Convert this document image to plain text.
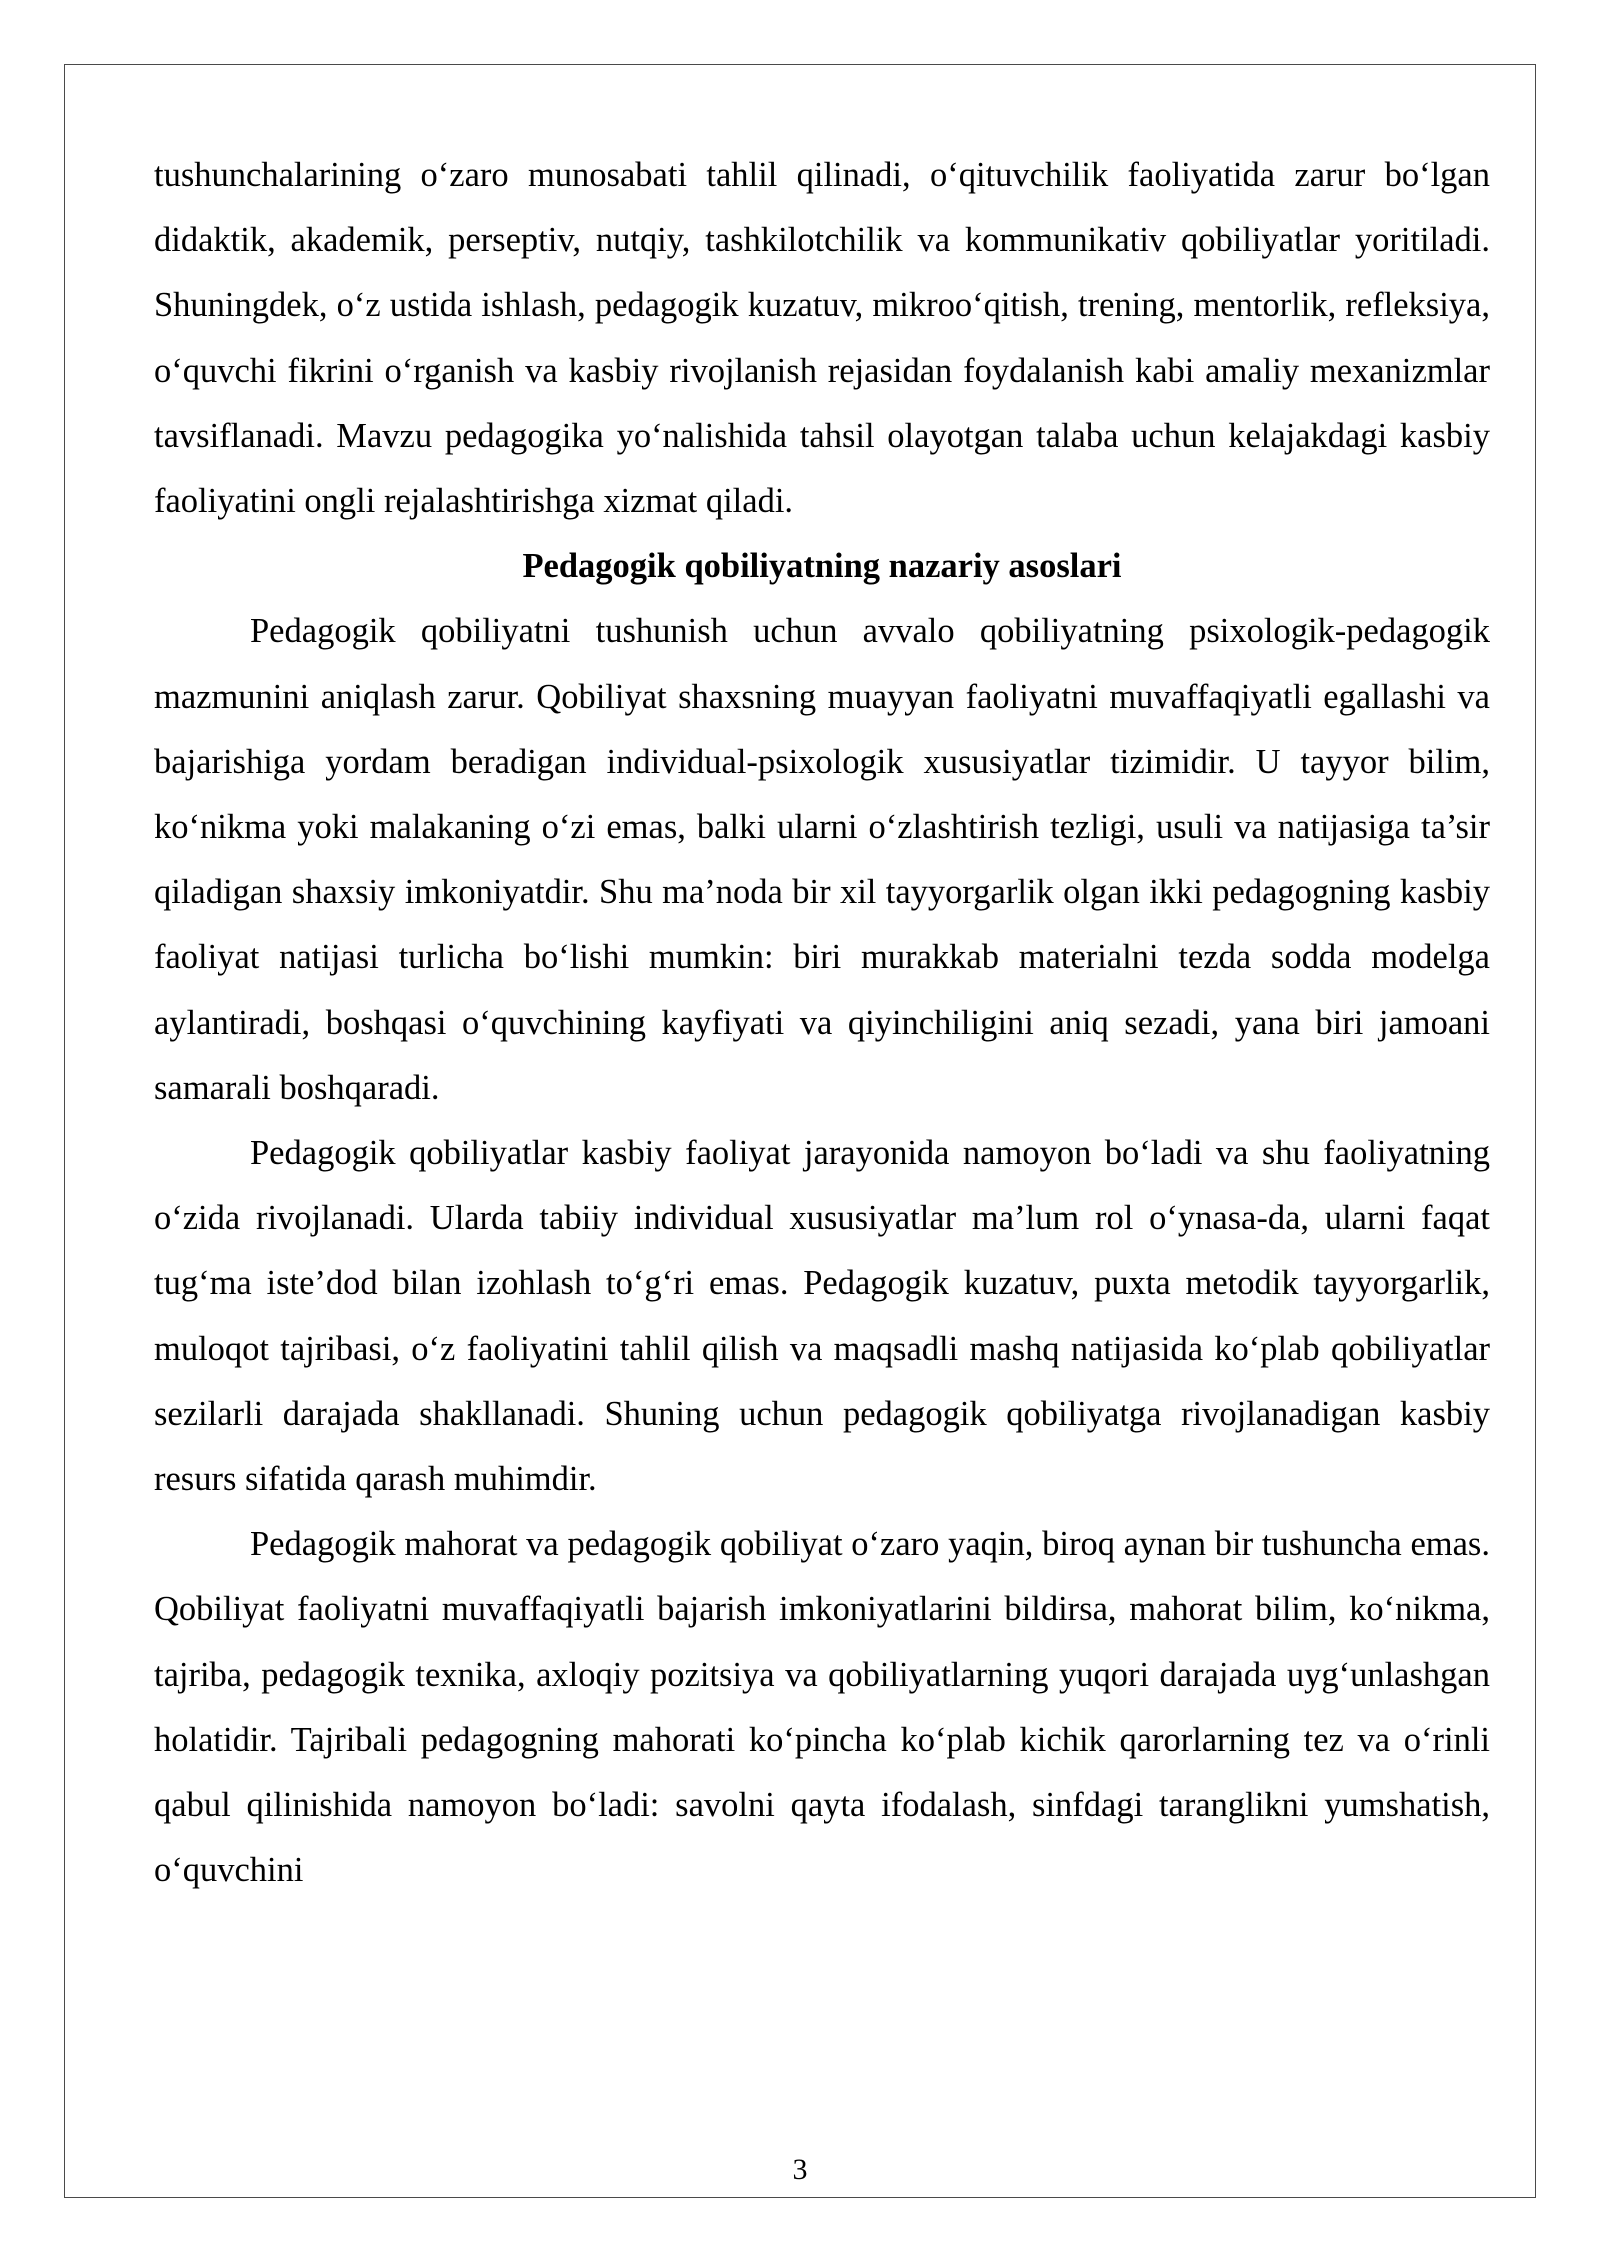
tushunchalarining o‘zaro munosabati tahlil qilinadi, o‘qituvchilik faoliyatida zarur bo‘lgan didaktik, akademik, perseptiv, nutqiy, tashkilotchilik va kommunikativ qobiliyatlar yoritiladi. Shuningdek, o‘z ustida ishlash, pedagogik kuzatuv, mikroo‘qitish, trening, mentorlik, refleksiya, o‘quvchi fikrini o‘rganish va kasbiy rivojlanish rejasidan foydalanish kabi amaliy mexanizmlar tavsiflanadi. Mavzu pedagogika yo‘nalishida tahsil olayotgan talaba uchun kelajakdagi kasbiy faoliyatini ongli rejalashtirishga xizmat qiladi.

Pedagogik qobiliyatning nazariy asoslari

Pedagogik qobiliyatni tushunish uchun avvalo qobiliyatning psixologik-pedagogik mazmunini aniqlash zarur. Qobiliyat shaxsning muayyan faoliyatni muvaffaqiyatli egallashi va bajarishiga yordam beradigan individual-psixologik xususiyatlar tizimidir. U tayyor bilim, ko‘nikma yoki malakaning o‘zi emas, balki ularni o‘zlashtirish tezligi, usuli va natijasiga ta’sir qiladigan shaxsiy imkoniyatdir. Shu ma’noda bir xil tayyorgarlik olgan ikki pedagogning kasbiy faoliyat natijasi turlicha bo‘lishi mumkin: biri murakkab materialni tezda sodda modelga aylantiradi, boshqasi o‘quvchining kayfiyati va qiyinchiligini aniq sezadi, yana biri jamoani samarali boshqaradi.

Pedagogik qobiliyatlar kasbiy faoliyat jarayonida namoyon bo‘ladi va shu faoliyatning o‘zida rivojlanadi. Ularda tabiiy individual xususiyatlar ma’lum rol o‘ynasa-da, ularni faqat tug‘ma iste’dod bilan izohlash to‘g‘ri emas. Pedagogik kuzatuv, puxta metodik tayyorgarlik, muloqot tajribasi, o‘z faoliyatini tahlil qilish va maqsadli mashq natijasida ko‘plab qobiliyatlar sezilarli darajada shakllanadi. Shuning uchun pedagogik qobiliyatga rivojlanadigan kasbiy resurs sifatida qarash muhimdir.

Pedagogik mahorat va pedagogik qobiliyat o‘zaro yaqin, biroq aynan bir tushuncha emas. Qobiliyat faoliyatni muvaffaqiyatli bajarish imkoniyatlarini bildirsa, mahorat bilim, ko‘nikma, tajriba, pedagogik texnika, axloqiy pozitsiya va qobiliyatlarning yuqori darajada uyg‘unlashgan holatidir. Tajribali pedagogning mahorati ko‘pincha ko‘plab kichik qarorlarning tez va o‘rinli qabul qilinishida namoyon bo‘ladi: savolni qayta ifodalash, sinfdagi taranglikni yumshatish, o‘quvchini

3
